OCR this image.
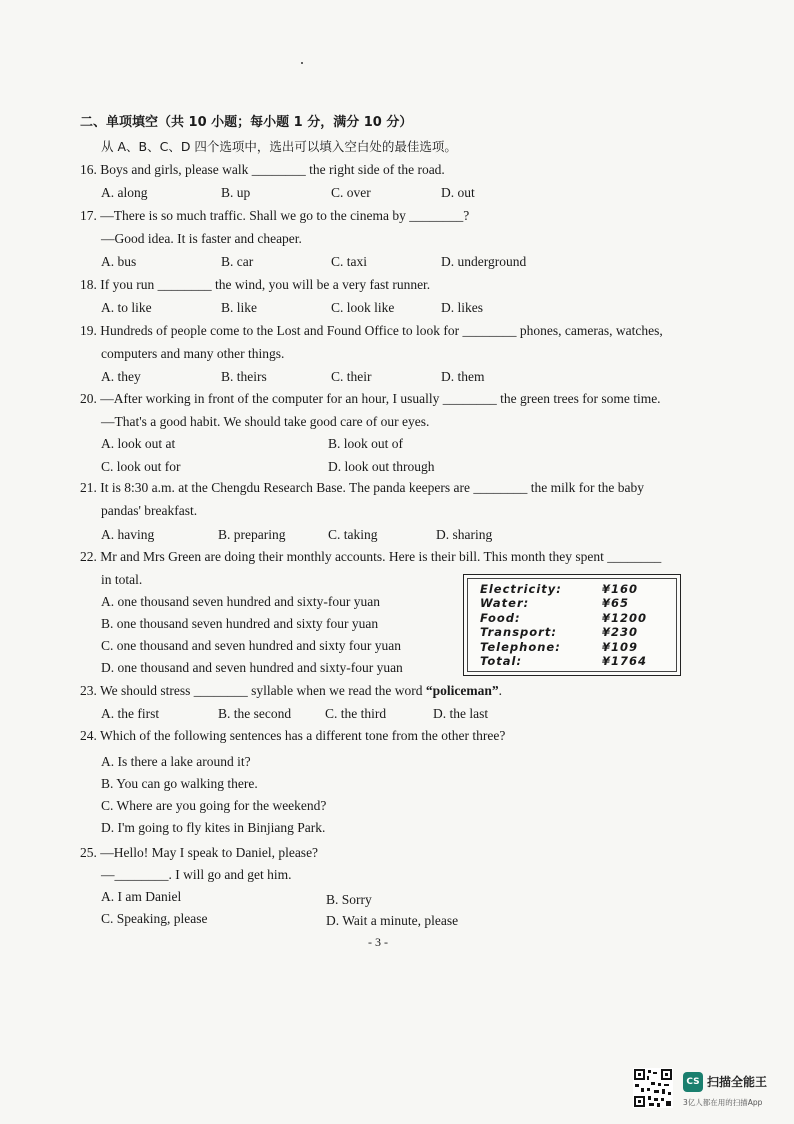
二、单项填空（共 10 小题；每小题 1 分，满分 10 分）
从 A、B、C、D 四个选项中，选出可以填入空白处的最佳选项。
16. Boys and girls, please walk ________ the right side of the road.
A. along	B. up	C. over	D. out
17. —There is so much traffic. Shall we go to the cinema by ________?
—Good idea. It is faster and cheaper.
A. bus	B. car	C. taxi	D. underground
18. If you run ________ the wind, you will be a very fast runner.
A. to like	B. like	C. look like	D. likes
19. Hundreds of people come to the Lost and Found Office to look for ________ phones, cameras, watches,
computers and many other things.
A. they	B. theirs	C. their	D. them
20. —After working in front of the computer for an hour, I usually ________ the green trees for some time.
—That's a good habit. We should take good care of our eyes.
A. look out at	B. look out of
C. look out for	D. look out through
21. It is 8:30 a.m. at the Chengdu Research Base. The panda keepers are ________ the milk for the baby
pandas' breakfast.
A. having	B. preparing	C. taking	D. sharing
22. Mr and Mrs Green are doing their monthly accounts. Here is their bill. This month they spent ________
in total.
A. one thousand seven hundred and sixty-four yuan
B. one thousand seven hundred and sixty four yuan
C. one thousand and seven hundred and sixty four yuan
D. one thousand and seven hundred and sixty-four yuan
Electricity:	¥160
Water:	¥65
Food:	¥1200
Transport:	¥230
Telephone:	¥109
Total:	¥1764
23. We should stress ________ syllable when we read the word “policeman”.
A. the first	B. the second	C. the third	D. the last
24. Which of the following sentences has a different tone from the other three?
A. Is there a lake around it?
B. You can go walking there.
C. Where are you going for the weekend?
D. I'm going to fly kites in Binjiang Park.
25. —Hello! May I speak to Daniel, please?
—________. I will go and get him.
A. I am Daniel	B. Sorry
C. Speaking, please	D. Wait a minute, please
- 3 -
CS 扫描全能王
3亿人都在用的扫描App
